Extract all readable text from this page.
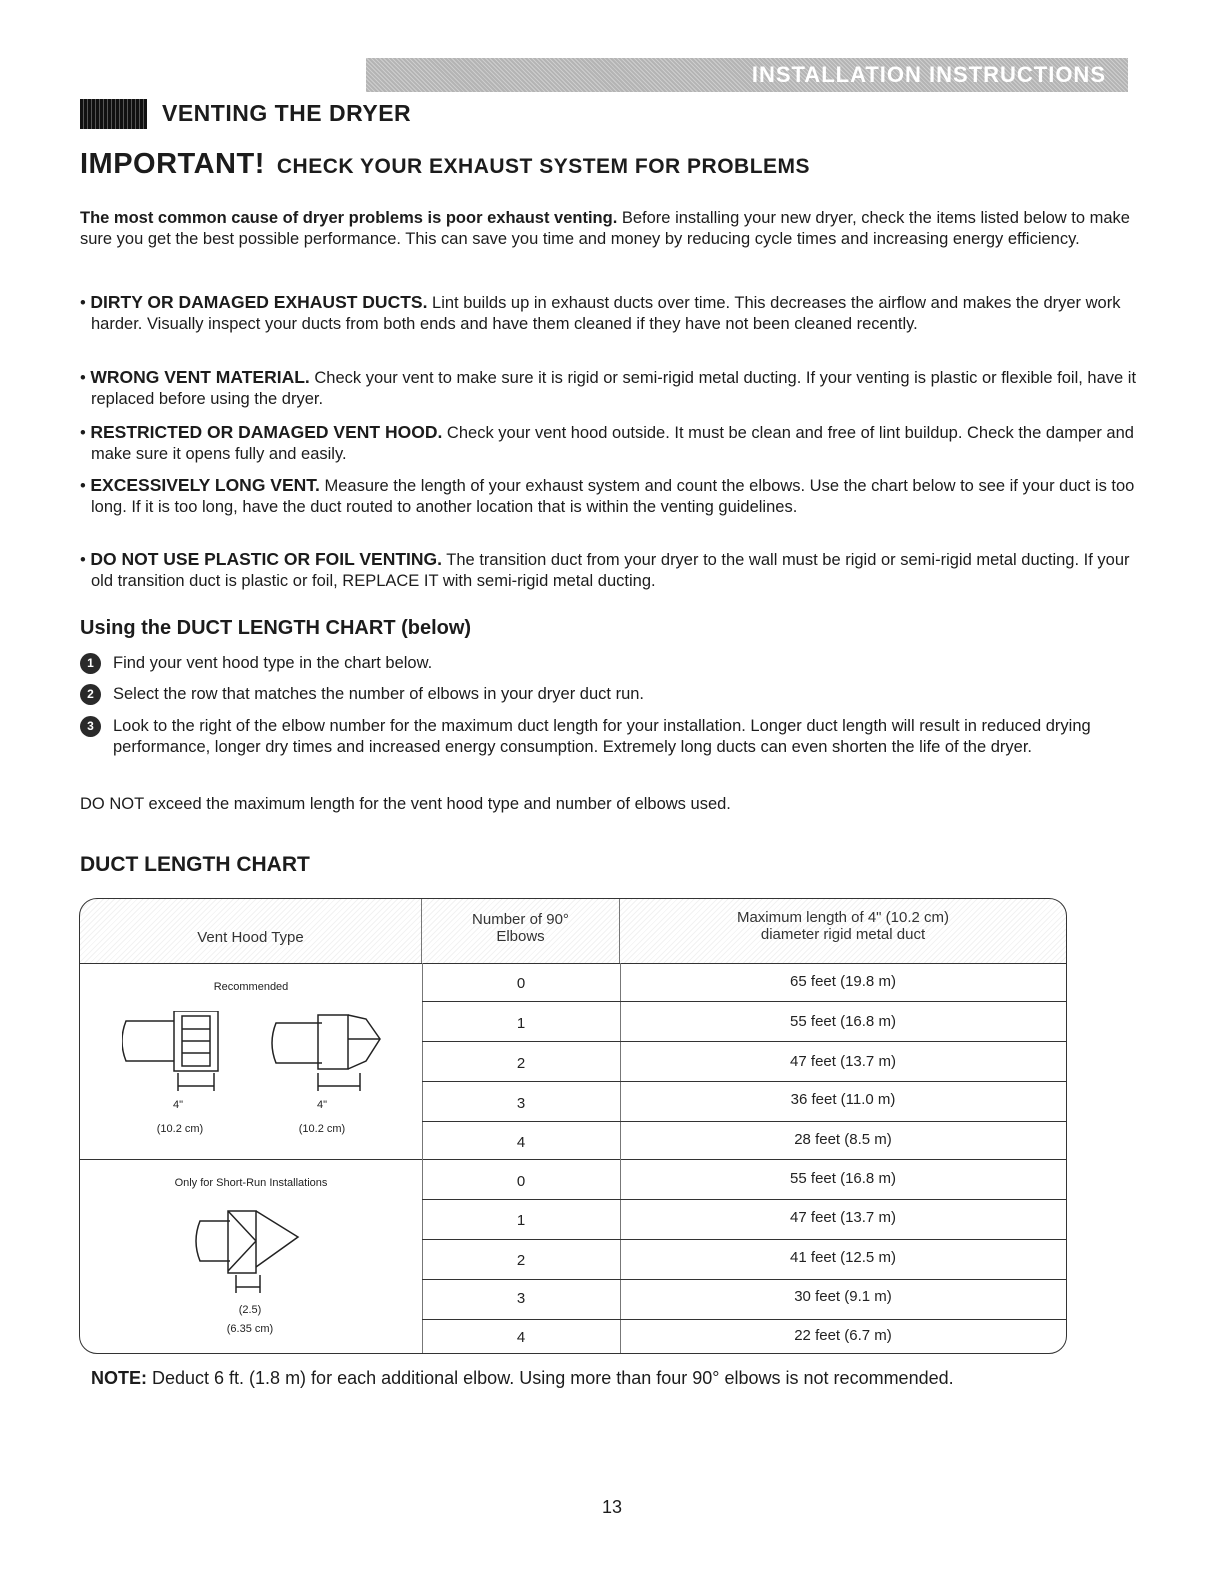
INSTALLATION INSTRUCTIONS
VENTING THE DRYER
IMPORTANT! CHECK YOUR EXHAUST SYSTEM FOR PROBLEMS
The most common cause of dryer problems is poor exhaust venting. Before installing your new dryer, check the items listed below to make sure you get the best possible performance. This can save you time and money by reducing cycle times and increasing energy efficiency.
• DIRTY OR DAMAGED EXHAUST DUCTS. Lint builds up in exhaust ducts over time. This decreases the airflow and makes the dryer work harder. Visually inspect your ducts from both ends and have them cleaned if they have not been cleaned recently.
• WRONG VENT MATERIAL. Check your vent to make sure it is rigid or semi-rigid metal ducting. If your venting is plastic or flexible foil, have it replaced before using the dryer.
• RESTRICTED OR DAMAGED VENT HOOD. Check your vent hood outside. It must be clean and free of lint buildup. Check the damper and make sure it opens fully and easily.
• EXCESSIVELY LONG VENT. Measure the length of your exhaust system and count the elbows. Use the chart below to see if your duct is too long. If it is too long, have the duct routed to another location that is within the venting guidelines.
• DO NOT USE PLASTIC OR FOIL VENTING. The transition duct from your dryer to the wall must be rigid or semi-rigid metal ducting. If your old transition duct is plastic or foil, REPLACE IT with semi-rigid metal ducting.
Using the DUCT LENGTH CHART (below)
1	Find your vent hood type in the chart below.
2	Select the row that matches the number of elbows in your dryer duct run.
3	Look to the right of the elbow number for the maximum duct length for your installation. Longer duct length will result in reduced drying performance, longer dry times and increased energy consumption. Extremely long ducts can even shorten the life of the dryer.
DO NOT exceed the maximum length for the vent hood type and number of elbows used.
DUCT LENGTH CHART
Vent Hood Type
Number of 90°
Elbows
Maximum length of 4" (10.2 cm)
diameter rigid metal duct
Recommended
4"
(10.2 cm)
4"
(10.2 cm)
Only for Short-Run Installations
(2.5)
(6.35 cm)
0	65 feet (19.8 m)
1	55 feet (16.8 m)
2	47 feet (13.7 m)
3	36 feet (11.0 m)
4	28 feet (8.5 m)
0	55 feet (16.8 m)
1	47 feet (13.7 m)
2	41 feet (12.5 m)
3	30 feet (9.1 m)
4	22 feet (6.7 m)
NOTE: Deduct 6 ft. (1.8 m) for each additional elbow. Using more than four 90° elbows is not recommended.
13
